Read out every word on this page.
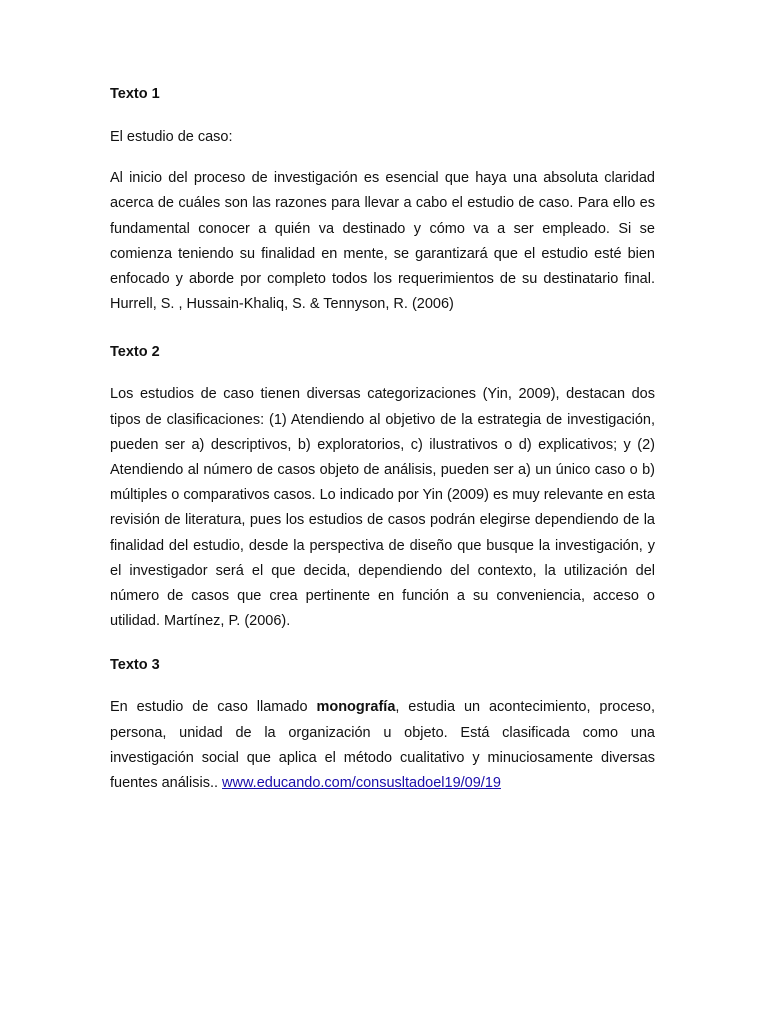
Texto 1

El estudio de caso:

Al inicio del proceso de investigación es esencial que haya una absoluta claridad acerca de cuáles son las razones para llevar a cabo el estudio de caso. Para ello es fundamental conocer a quién va destinado y cómo va a ser empleado. Si se comienza teniendo su finalidad en mente, se garantizará que el estudio esté bien enfocado y aborde por completo todos los requerimientos de su destinatario final. Hurrell, S. , Hussain-Khaliq, S. & Tennyson, R. (2006)

Texto 2

Los estudios de caso tienen diversas categorizaciones (Yin, 2009), destacan dos tipos de clasificaciones: (1) Atendiendo al objetivo de la estrategia de investigación, pueden ser a) descriptivos, b) exploratorios, c) ilustrativos o d) explicativos; y (2) Atendiendo al número de casos objeto de análisis, pueden ser a) un único caso o b) múltiples o comparativos casos. Lo indicado por Yin (2009) es muy relevante en esta revisión de literatura, pues los estudios de casos podrán elegirse dependiendo de la finalidad del estudio, desde la perspectiva de diseño que busque la investigación, y el investigador será el que decida, dependiendo del contexto, la utilización del número de casos que crea pertinente en función a su conveniencia, acceso o utilidad. Martínez, P. (2006).

Texto 3

En estudio de caso llamado monografía, estudia un acontecimiento, proceso, persona, unidad de la organización u objeto. Está clasificada como una investigación social que aplica el método cualitativo y minuciosamente diversas fuentes análisis.. www.educando.com/consusltadoel19/09/19
